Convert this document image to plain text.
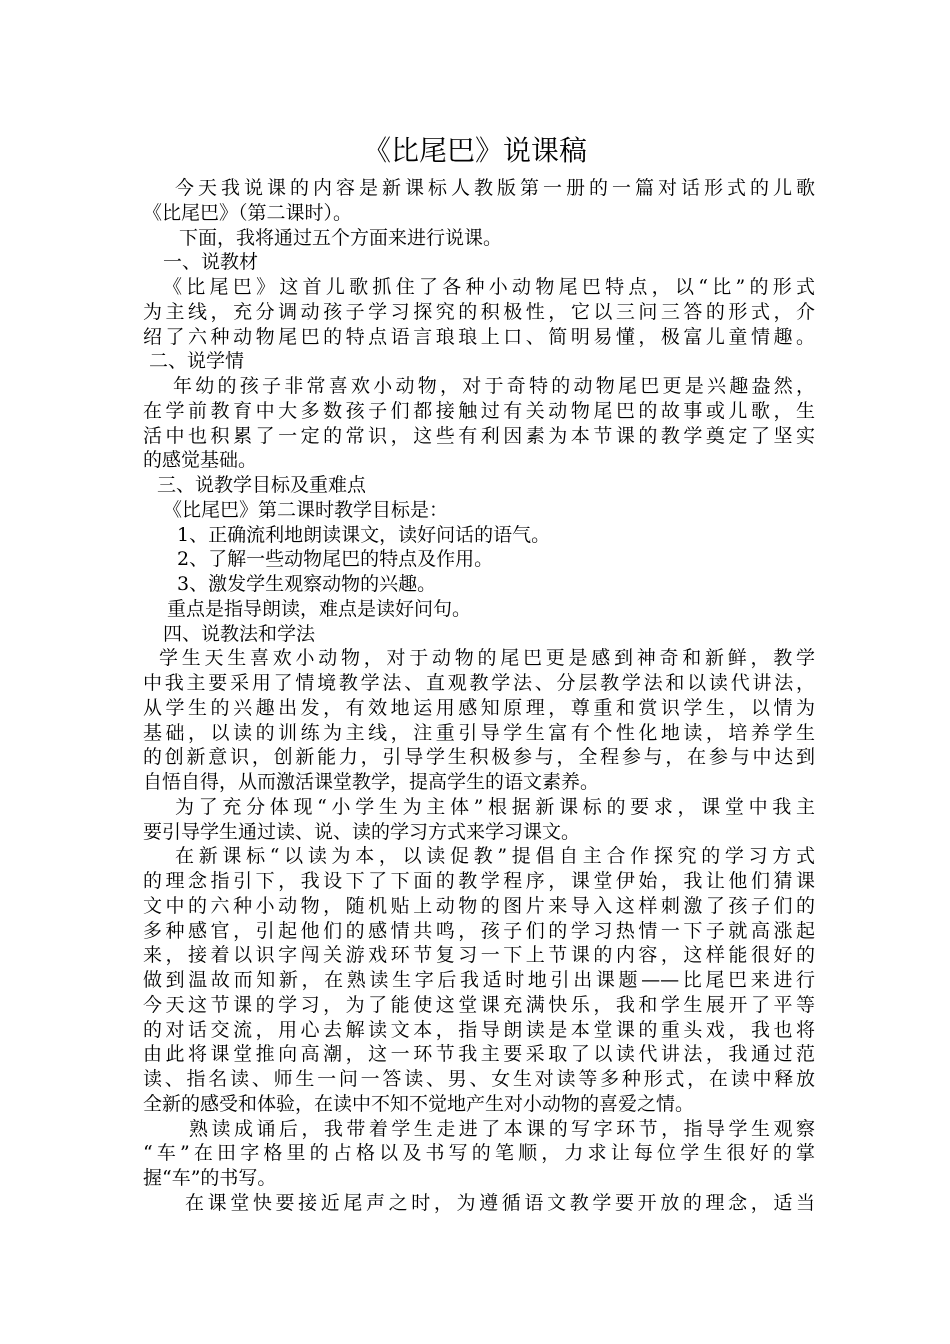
《比尾巴》说课稿
今天我说课的内容是新课标人教版第一册的一篇对话形式的儿歌
《比尾巴》（第二课时）。
下面，我将通过五个方面来进行说课。
一、说教材
《比尾巴》这首儿歌抓住了各种小动物尾巴特点，以“比”的形式
为主线，充分调动孩子学习探究的积极性，它以三问三答的形式，介
绍了六种动物尾巴的特点语言琅琅上口、简明易懂，极富儿童情趣。
二、说学情
年幼的孩子非常喜欢小动物，对于奇特的动物尾巴更是兴趣盎然，
在学前教育中大多数孩子们都接触过有关动物尾巴的故事或儿歌，生
活中也积累了一定的常识，这些有利因素为本节课的教学奠定了坚实
的感觉基础。
三、说教学目标及重难点
《比尾巴》第二课时教学目标是：
1、正确流利地朗读课文，读好问话的语气。
2、了解一些动物尾巴的特点及作用。
3、激发学生观察动物的兴趣。
重点是指导朗读，难点是读好问句。
四、说教法和学法
学生天生喜欢小动物，对于动物的尾巴更是感到神奇和新鲜，教学
中我主要采用了情境教学法、直观教学法、分层教学法和以读代讲法，
从学生的兴趣出发，有效地运用感知原理，尊重和赏识学生，以情为
基础，以读的训练为主线，注重引导学生富有个性化地读，培养学生
的创新意识，创新能力，引导学生积极参与，全程参与，在参与中达到
自悟自得，从而激活课堂教学，提高学生的语文素养。
为了充分体现“小学生为主体”根据新课标的要求，课堂中我主
要引导学生通过读、说、读的学习方式来学习课文。
在新课标“以读为本，以读促教”提倡自主合作探究的学习方式
的理念指引下，我设下了下面的教学程序，课堂伊始，我让他们猜课
文中的六种小动物，随机贴上动物的图片来导入这样刺激了孩子们的
多种感官，引起他们的感情共鸣，孩子们的学习热情一下子就高涨起
来，接着以识字闯关游戏环节复习一下上节课的内容，这样能很好的
做到温故而知新，在熟读生字后我适时地引出课题——比尾巴来进行
今天这节课的学习，为了能使这堂课充满快乐，我和学生展开了平等
的对话交流，用心去解读文本，指导朗读是本堂课的重头戏，我也将
由此将课堂推向高潮，这一环节我主要采取了以读代讲法，我通过范
读、指名读、师生一问一答读、男、女生对读等多种形式，在读中释放
全新的感受和体验，在读中不知不觉地产生对小动物的喜爱之情。
熟读成诵后，我带着学生走进了本课的写字环节，指导学生观察
“车”在田字格里的占格以及书写的笔顺，力求让每位学生很好的掌
握“车”的书写。
在课堂快要接近尾声之时，为遵循语文教学要开放的理念，适当
